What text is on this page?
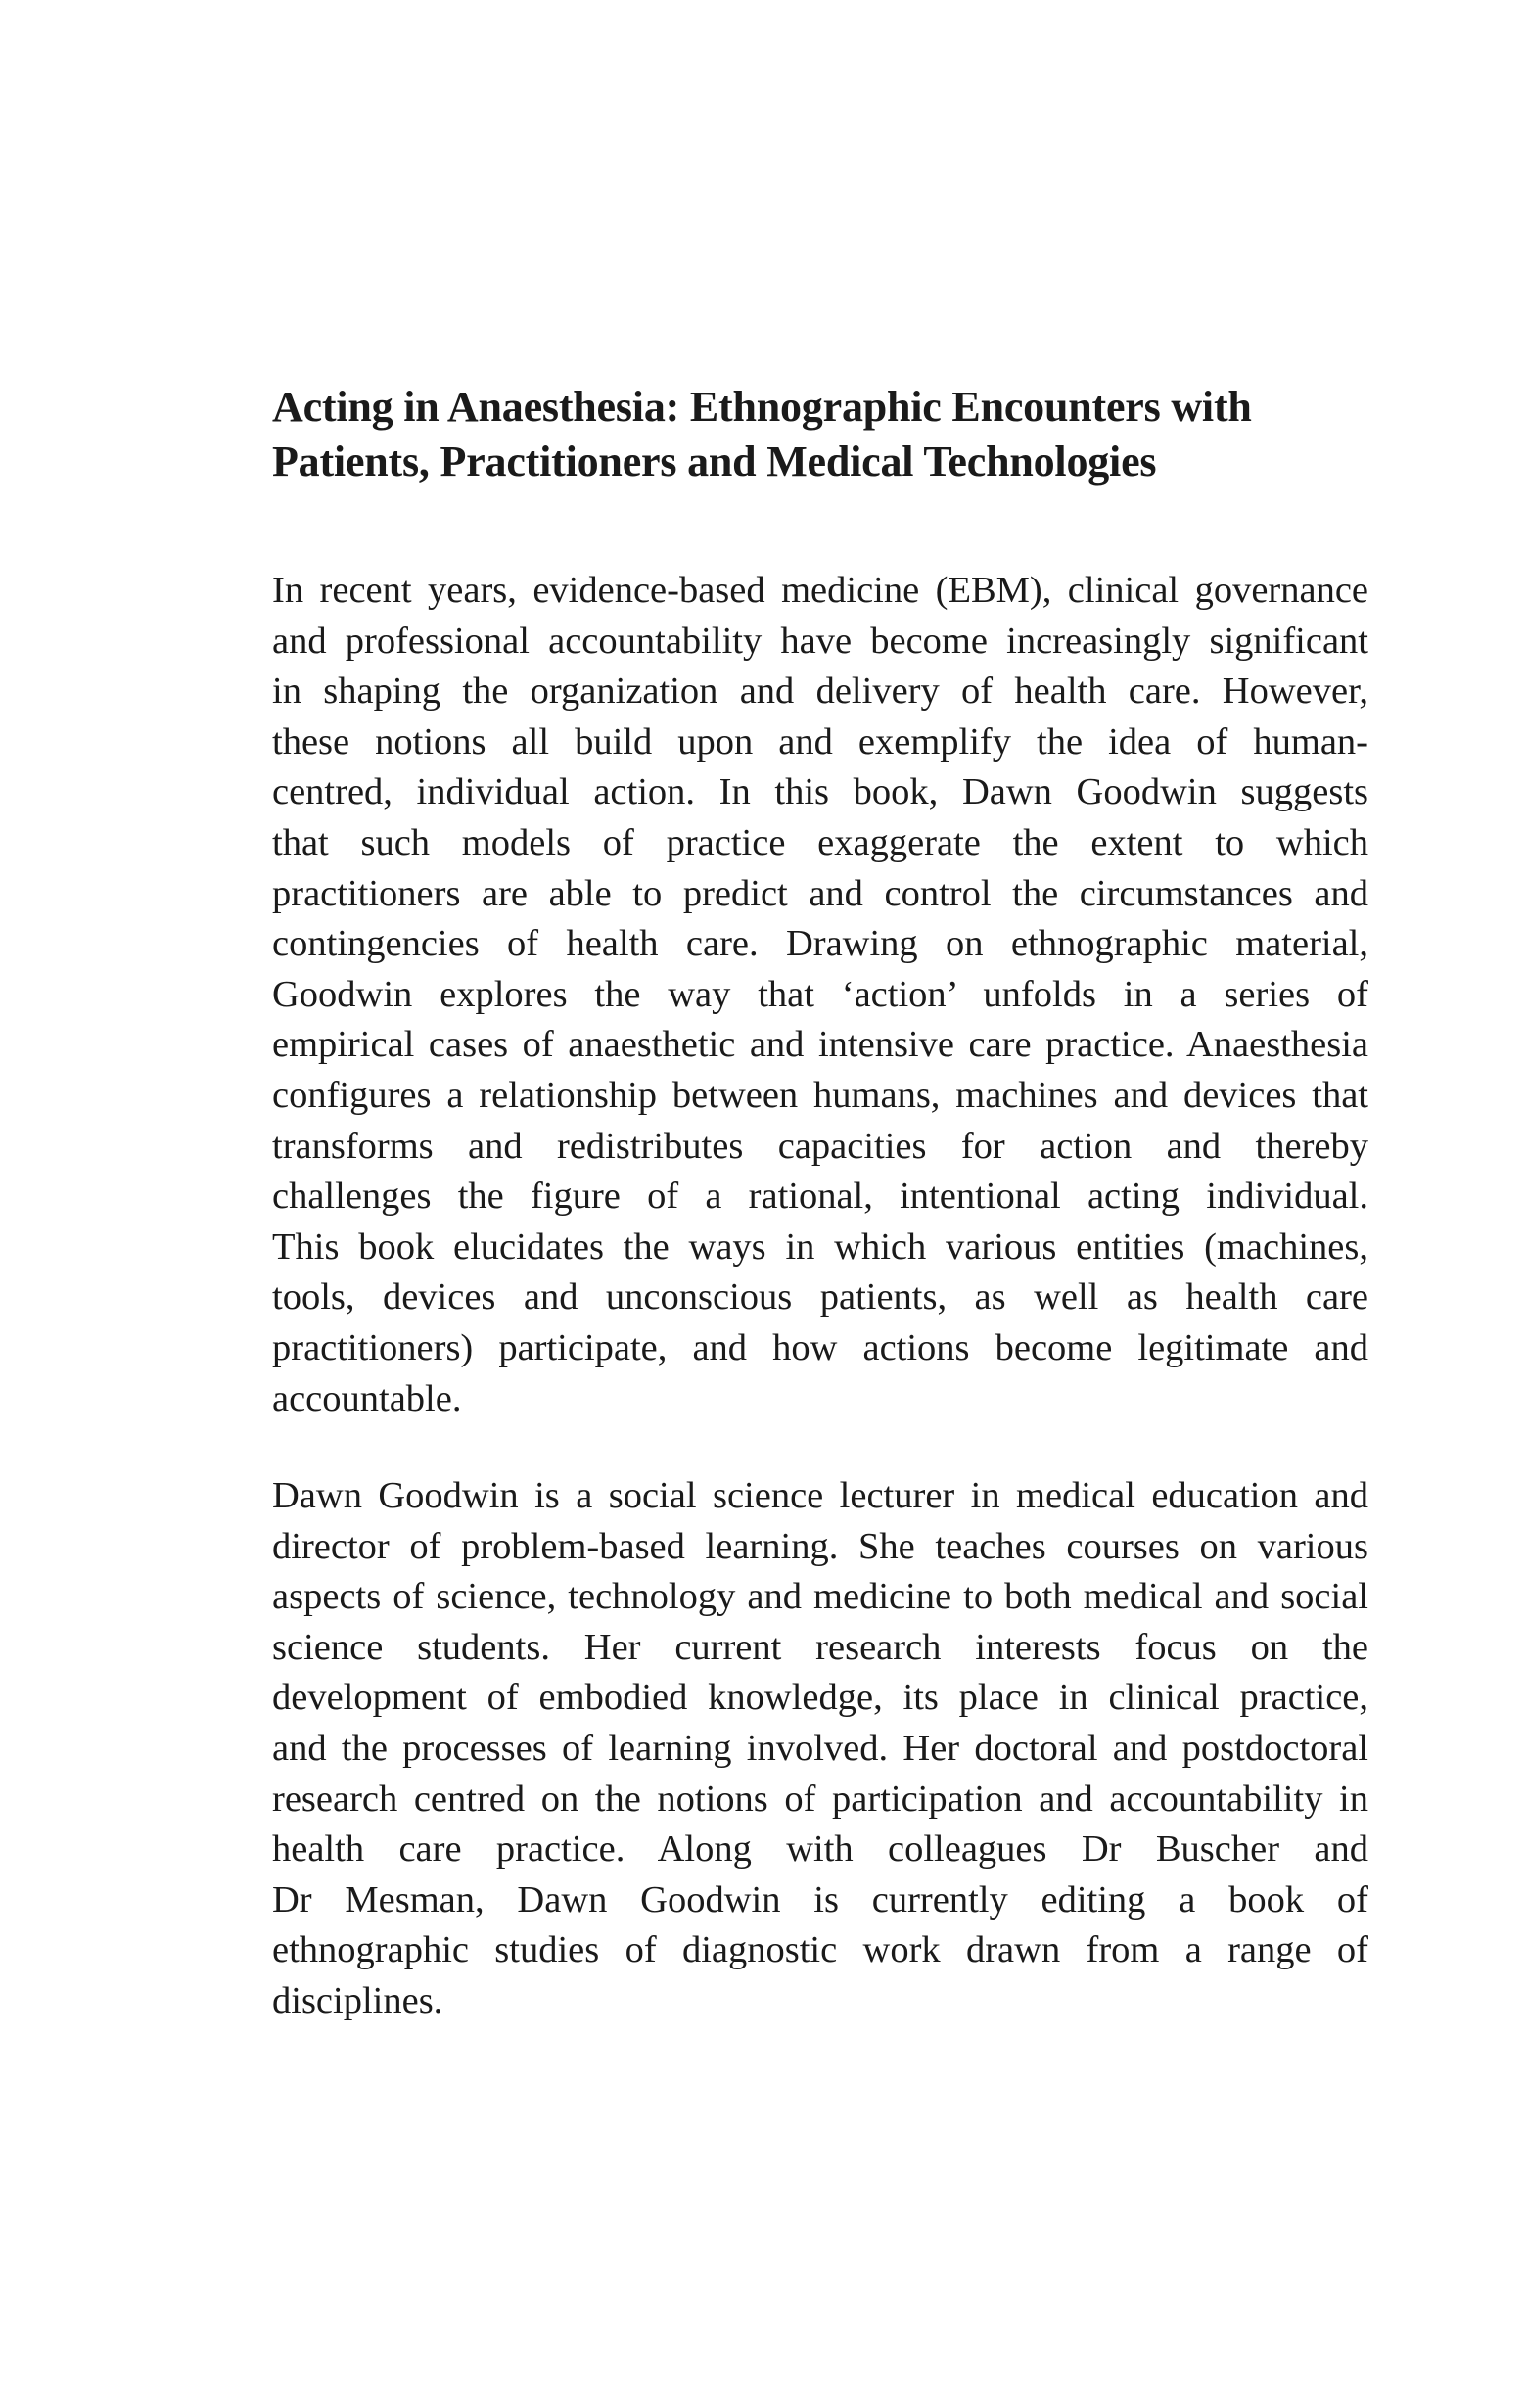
Acting in Anaesthesia: Ethnographic Encounters with
Patients, Practitioners and Medical Technologies
In recent years, evidence-based medicine (EBM), clinical governance
and professional accountability have become increasingly significant
in shaping the organization and delivery of health care. However,
these notions all build upon and exemplify the idea of human-
centred, individual action. In this book, Dawn Goodwin suggests
that such models of practice exaggerate the extent to which
practitioners are able to predict and control the circumstances and
contingencies of health care. Drawing on ethnographic material,
Goodwin explores the way that ‘action’ unfolds in a series of
empirical cases of anaesthetic and intensive care practice. Anaesthesia
configures a relationship between humans, machines and devices that
transforms and redistributes capacities for action and thereby
challenges the figure of a rational, intentional acting individual.
This book elucidates the ways in which various entities (machines,
tools, devices and unconscious patients, as well as health care
practitioners) participate, and how actions become legitimate and
accountable.
Dawn Goodwin is a social science lecturer in medical education and
director of problem-based learning. She teaches courses on various
aspects of science, technology and medicine to both medical and social
science students. Her current research interests focus on the
development of embodied knowledge, its place in clinical practice,
and the processes of learning involved. Her doctoral and postdoctoral
research centred on the notions of participation and accountability in
health care practice. Along with colleagues Dr Buscher and
Dr Mesman, Dawn Goodwin is currently editing a book of
ethnographic studies of diagnostic work drawn from a range of
disciplines.
